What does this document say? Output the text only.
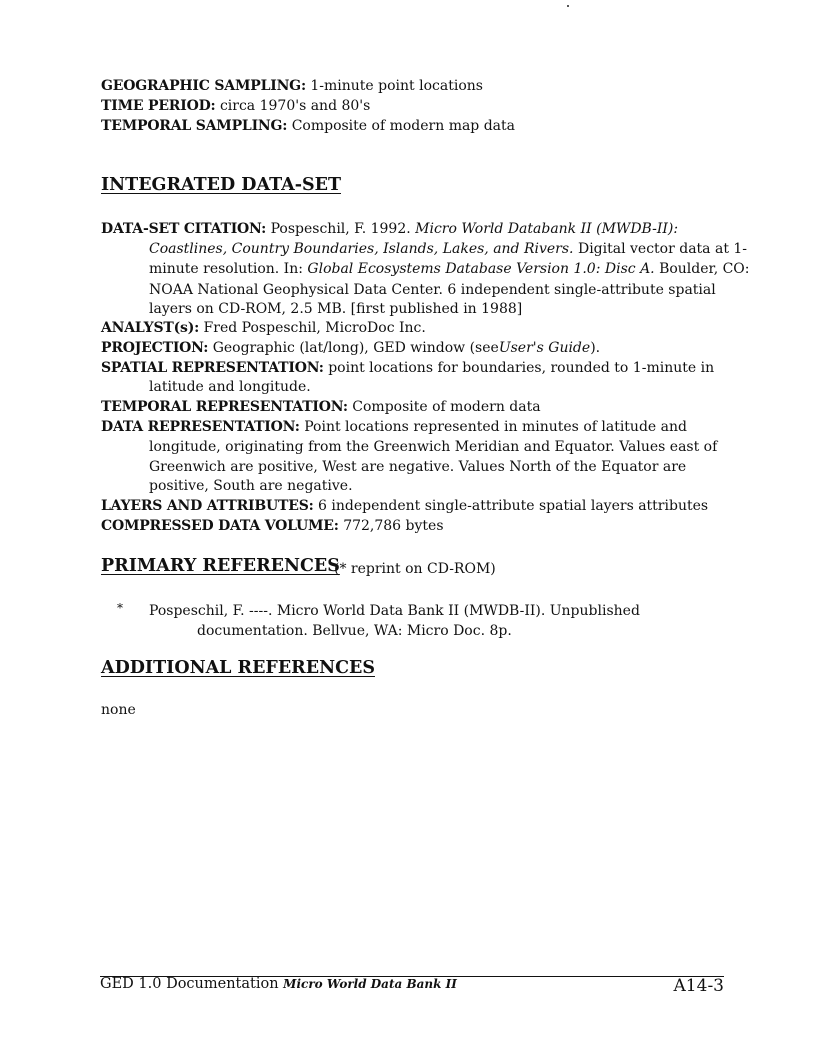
GEOGRAPHIC SAMPLING: 1-minute point locations
TIME PERIOD: circa 1970's and 80's
TEMPORAL SAMPLING: Composite of modern map data
INTEGRATED DATA-SET
DATA-SET CITATION: Pospeschil, F. 1992. Micro World Databank II (MWDB-II):
Coastlines, Country Boundaries, Islands, Lakes, and Rivers. Digital vector data at 1-
minute resolution. In: Global Ecosystems Database Version 1.0: Disc A. Boulder, CO:
NOAA National Geophysical Data Center. 6 independent single-attribute spatial
layers on CD-ROM, 2.5 MB. [first published in 1988]
ANALYST(s): Fred Pospeschil, MicroDoc Inc.
PROJECTION: Geographic (lat/long), GED window (seeUser's Guide).
SPATIAL REPRESENTATION: point locations for boundaries, rounded to 1-minute in
latitude and longitude.
TEMPORAL REPRESENTATION: Composite of modern data
DATA REPRESENTATION: Point locations represented in minutes of latitude and
longitude, originating from the Greenwich Meridian and Equator. Values east of
Greenwich are positive, West are negative. Values North of the Equator are
positive, South are negative.
LAYERS AND ATTRIBUTES: 6 independent single-attribute spatial layers attributes
COMPRESSED DATA VOLUME: 772,786 bytes
PRIMARY REFERENCES
(* reprint on CD-ROM)
* Pospeschil, F. ----. Micro World Data Bank II (MWDB-II). Unpublished
documentation. Bellvue, WA: Micro Doc. 8p.
ADDITIONAL REFERENCES
none
GED 1.0 Documentation Micro World Data Bank II	A14-3
